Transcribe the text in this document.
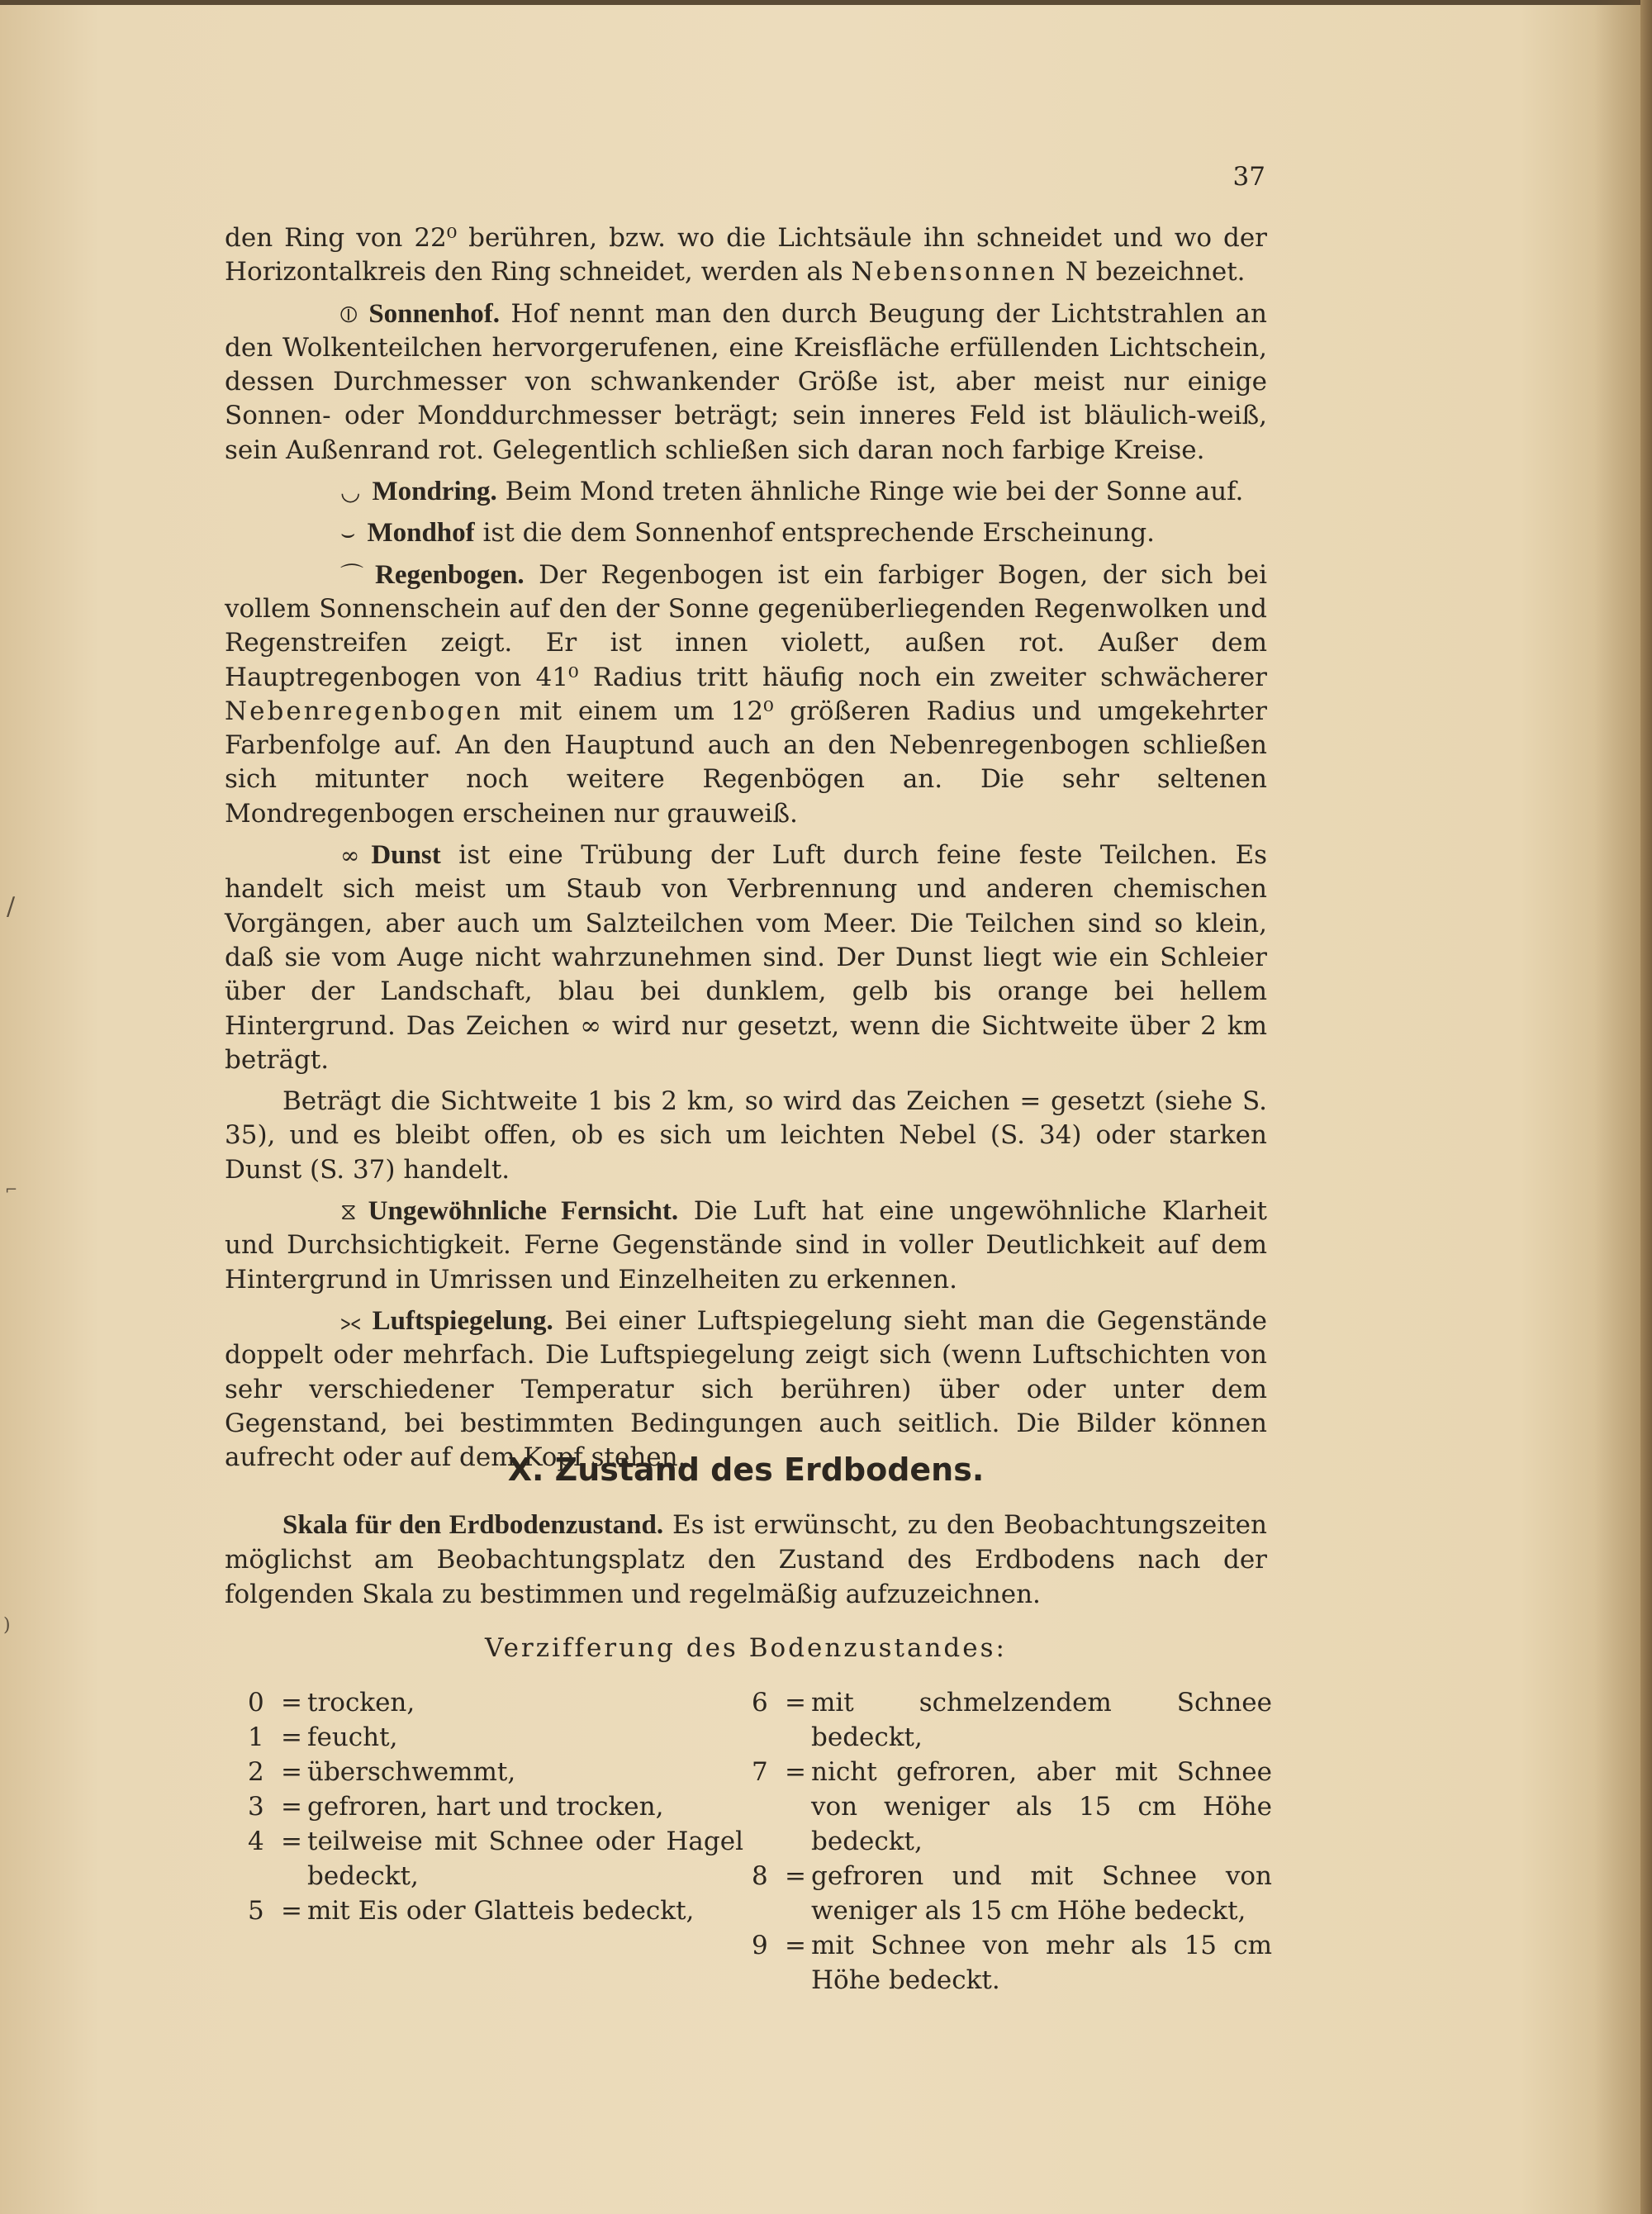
/
⌐
)
37

den Ring von 22⁰ berühren, bzw. wo die Lichtsäule ihn schneidet und wo der Horizontalkreis den Ring schneidet, werden als Nebensonnen N bezeichnet.

⦶ Sonnenhof. Hof nennt man den durch Beugung der Lichtstrahlen an den Wolkenteilchen hervorgerufenen, eine Kreisfläche erfüllenden Lichtschein, dessen Durchmesser von schwankender Größe ist, aber meist nur einige Sonnen- oder Monddurchmesser beträgt; sein inneres Feld ist bläulich-weiß, sein Außenrand rot. Gelegentlich schließen sich daran noch farbige Kreise.

◡ Mondring. Beim Mond treten ähnliche Ringe wie bei der Sonne auf.

⌣ Mondhof ist die dem Sonnenhof entsprechende Erscheinung.

⌒ Regenbogen. Der Regenbogen ist ein farbiger Bogen, der sich bei vollem Sonnenschein auf den der Sonne gegenüberliegenden Regenwolken und Regenstreifen zeigt. Er ist innen violett, außen rot. Außer dem Hauptregenbogen von 41⁰ Radius tritt häufig noch ein zweiter schwächerer Nebenregenbogen mit einem um 12⁰ größeren Radius und umgekehrter Farbenfolge auf. An den Hauptund auch an den Nebenregenbogen schließen sich mitunter noch weitere Regenbögen an. Die sehr seltenen Mondregenbogen erscheinen nur grauweiß.

∞ Dunst ist eine Trübung der Luft durch feine feste Teilchen. Es handelt sich meist um Staub von Verbrennung und anderen chemischen Vorgängen, aber auch um Salzteilchen vom Meer. Die Teilchen sind so klein, daß sie vom Auge nicht wahrzunehmen sind. Der Dunst liegt wie ein Schleier über der Landschaft, blau bei dunklem, gelb bis orange bei hellem Hintergrund. Das Zeichen ∞ wird nur gesetzt, wenn die Sichtweite über 2 km beträgt.

Beträgt die Sichtweite 1 bis 2 km, so wird das Zeichen = gesetzt (siehe S. 35), und es bleibt offen, ob es sich um leichten Nebel (S. 34) oder starken Dunst (S. 37) handelt.

⧖ Ungewöhnliche Fernsicht. Die Luft hat eine ungewöhnliche Klarheit und Durchsichtigkeit. Ferne Gegenstände sind in voller Deutlichkeit auf dem Hintergrund in Umrissen und Einzelheiten zu erkennen.

⪥ Luftspiegelung. Bei einer Luftspiegelung sieht man die Gegenstände doppelt oder mehrfach. Die Luftspiegelung zeigt sich (wenn Luftschichten von sehr verschiedener Temperatur sich berühren) über oder unter dem Gegenstand, bei bestimmten Bedingungen auch seitlich. Die Bilder können aufrecht oder auf dem Kopf stehen.

X. Zustand des Erdbodens.

Skala für den Erdbodenzustand. Es ist erwünscht, zu den Beobachtungszeiten möglichst am Beobachtungsplatz den Zustand des Erdbodens nach der folgenden Skala zu bestimmen und regelmäßig aufzuzeichnen.

Verzifferung des Bodenzustandes:
0 = trocken,
1 = feucht,
2 = überschwemmt,
3 = gefroren, hart und trocken,
4 = teilweise mit Schnee oder Hagel bedeckt,
5 = mit Eis oder Glatteis bedeckt,
6 = mit schmelzendem Schnee bedeckt,
7 = nicht gefroren, aber mit Schnee von weniger als 15 cm Höhe bedeckt,
8 = gefroren und mit Schnee von weniger als 15 cm Höhe bedeckt,
9 = mit Schnee von mehr als 15 cm Höhe bedeckt.
